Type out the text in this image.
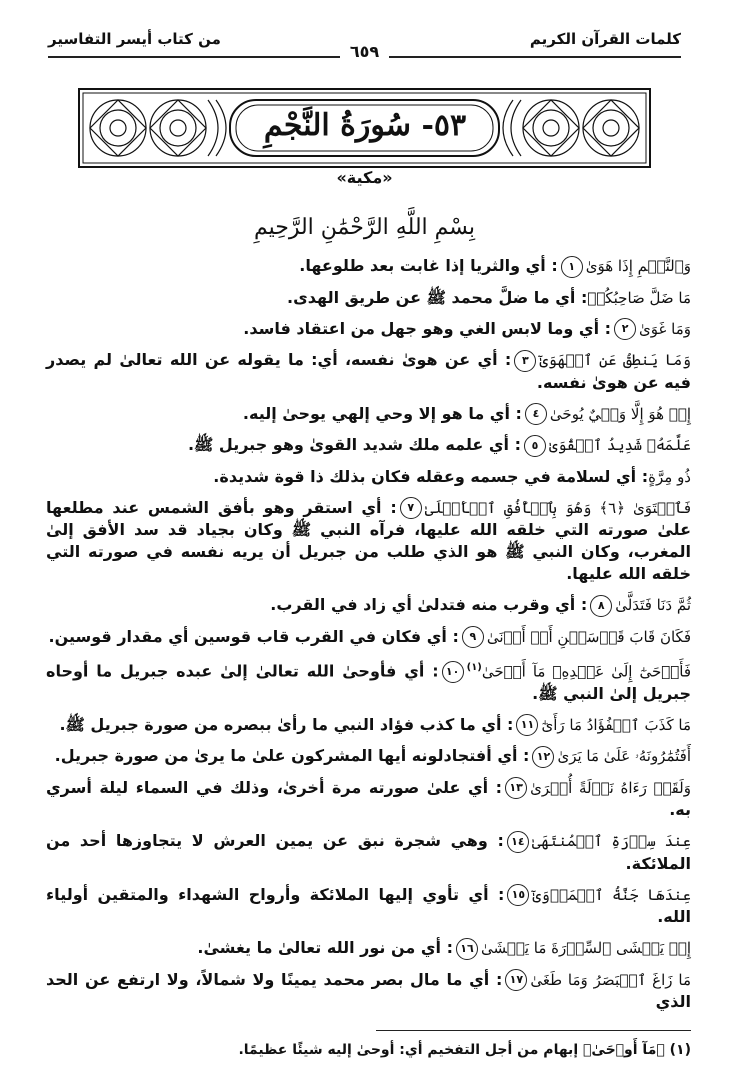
كلمات القرآن الكريم
من كتاب أيسر التفاسير
٦٥٩
٥٣- سُورَةُ النَّجْمِ
«مكية»
بِسْمِ اللَّهِ الرَّحْمَٰنِ الرَّحِيمِ
وَٱلنَّجۡمِ إِذَا هَوَىٰ١: أي والثريا إذا غابت بعد طلوعها.
مَا ضَلَّ صَاحِبُكُمۡ: أي ما ضلَّ محمد ﷺ عن طريق الهدى.
وَمَا غَوَىٰ٢: أي وما لابس الغي وهو جهل من اعتقاد فاسد.
وَمَا يَنطِقُ عَنِ ٱلۡهَوَىٰٓ٣: أي عن هوىٰ نفسه، أي: ما يقوله عن الله تعالىٰ لم يصدر فيه عن هوىٰ نفسه.
إِنۡ هُوَ إِلَّا وَحۡيٌ يُوحَىٰ٤: أي ما هو إلا وحي إلهي يوحىٰ إليه.
عَلَّمَهُۥ شَدِيدُ ٱلۡقُوَىٰ٥: أي علمه ملك شديد القوىٰ وهو جبريل ﷺ.
ذُو مِرَّةٍ: أي لسلامة في جسمه وعقله فكان بذلك ذا قوة شديدة.
فَٱسۡتَوَىٰ ﴿٦﴾ وَهُوَ بِٱلۡأُفُقِ ٱلۡأَعۡلَىٰ٧: أي استقر وهو بأفق الشمس عند مطلعها علىٰ صورته التي خلقه الله عليها، فرآه النبي ﷺ وكان بجياد قد سد الأفق إلىٰ المغرب، وكان النبي ﷺ هو الذي طلب من جبريل أن يريه نفسه في صورته التي خلقه الله عليها.
ثُمَّ دَنَا فَتَدَلَّىٰ٨: أي وقرب منه فتدلىٰ أي زاد في القرب.
فَكَانَ قَابَ قَوۡسَيۡنِ أَوۡ أَدۡنَىٰ٩: أي فكان في القرب قاب قوسين أي مقدار قوسين.
فَأَوۡحَىٰٓ إِلَىٰ عَبۡدِهِۦ مَآ أَوۡحَىٰ$^{(١)}$١٠: أي فأوحىٰ الله تعالىٰ إلىٰ عبده جبريل ما أوحاه جبريل إلىٰ النبي ﷺ.
مَا كَذَبَ ٱلۡفُؤَادُ مَا رَأَىٰٓ١١: أي ما كذب فؤاد النبي ما رأىٰ ببصره من صورة جبريل ﷺ.
أَفَتُمَٰرُونَهُۥ عَلَىٰ مَا يَرَىٰ١٢: أي أفتجادلونه أيها المشركون علىٰ ما يرىٰ من صورة جبريل.
وَلَقَدۡ رَءَاهُ نَزۡلَةً أُخۡرَىٰ١٣: أي علىٰ صورته مرة أخرىٰ، وذلك في السماء ليلة أسري به.
عِندَ سِدۡرَةِ ٱلۡمُنتَهَىٰ١٤: وهي شجرة نبق عن يمين العرش لا يتجاوزها أحد من الملائكة.
عِندَهَا جَنَّةُ ٱلۡمَأۡوَىٰٓ١٥: أي تأوي إليها الملائكة وأرواح الشهداء والمتقين أولياء الله.
إِذۡ يَغۡشَى ٱلسِّدۡرَةَ مَا يَغۡشَىٰ١٦: أي من نور الله تعالىٰ ما يغشىٰ.
مَا زَاغَ ٱلۡبَصَرُ وَمَا طَغَىٰ١٧: أي ما مال بصر محمد يمينًا ولا شمالاً، ولا ارتفع عن الحد الذي
(١) ﴿مَآ أَوۡحَىٰ﴾ إبهام من أجل التفخيم أي: أوحىٰ إليه شيئًا عظيمًا.
